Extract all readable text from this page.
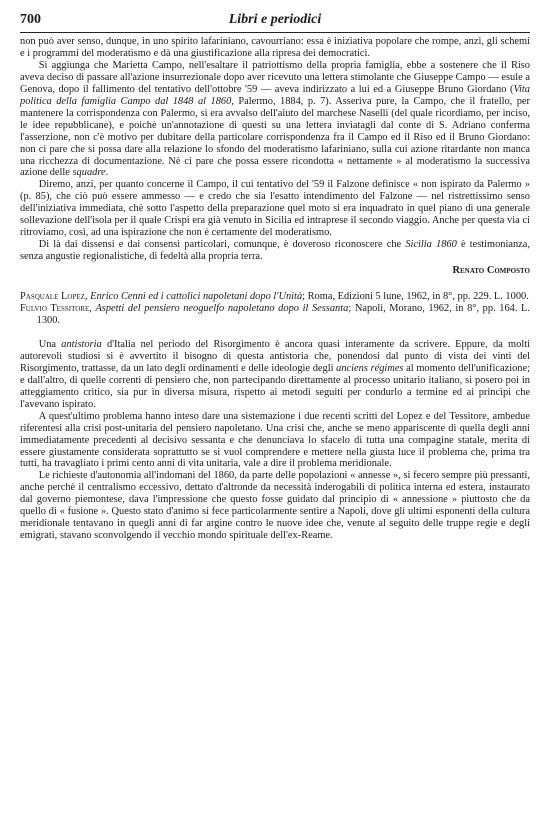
700	Libri e periodici

non può aver senso, dunque, in uno spirito lafariniano, cavourriano: essa è iniziativa popolare che rompe, anzi, gli schemi e i programmi del moderatismo e dà una giustificazione alla ripresa dei democratici.

Si aggiunga che Marietta Campo, nell'esaltare il patriottismo della propria famiglia, ebbe a sostenere che il Riso aveva deciso di passare all'azione insurrezionale dopo aver ricevuto una lettera stimolante che Giuseppe Campo — esule a Genova, dopo il fallimento del tentativo dell'ottobre '59 — aveva indirizzato a lui ed a Giuseppe Bruno Giordano (Vita politica della famiglia Campo dal 1848 al 1860, Palermo, 1884, p. 7). Asseriva pure, la Campo, che il fratello, per mantenere la corrispondenza con Palermo, si era avvalso dell'aiuto del marchese Naselli (del quale ricordiamo, per inciso, le idee repubblicane), e poichè un'annotazione di questi su una lettera inviatagli dal conte di S. Adriano conferma l'asserzione, non c'è motivo per dubitare della particolare corrispondenza fra il Campo ed il Riso ed il Bruno Giordano: non ci pare che si possa dare alla relazione lo sfondo del moderatismo lafariniano, sulla cui azione ritardante non manca una ricchezza di documentazione. Nè ci pare che possa essere ricondotta « nettamente » al moderatismo la successiva azione delle squadre.

Diremo, anzi, per quanto concerne il Campo, il cui tentativo del '59 il Falzone definisce « non ispirato da Palermo » (p. 85), che ciò può essere ammesso — e credo che sia l'esatto intendimento del Falzone — nel ristrettissimo senso dell'iniziativa immediata, chè sotto l'aspetto della preparazione quel moto si era inquadrato in quel piano di una generale sollevazione dell'isola per il quale Crispi era già venuto in Sicilia ed intraprese il secondo viaggio. Anche per questa via ci ritroviamo, così, ad una ispirazione che non è certamente del moderatismo.

Di là dai dissensi e dai consensi particolari, comunque, è doveroso riconoscere che Sicilia 1860 è testimonianza, senza angustie regionalistiche, di fedeltà alla propria terra.

Renato Composto

Pasquale Lopez, Enrico Cenni ed i cattolici napoletani dopo l'Unità; Roma, Edizioni 5 lune, 1962, in 8°, pp. 229. L. 1000.

Fulvio Tessitore, Aspetti del pensiero neoguelfo napoletano dopo il Sessanta; Napoli, Morano, 1962, in 8°, pp. 164. L. 1300.

Una antistoria d'Italia nel periodo del Risorgimento è ancora quasi interamente da scrivere. Eppure, da molti autorevoli studiosi si è avvertito il bisogno di questa antistoria che, ponendosi dal punto di vista dei vinti del Risorgimento, trattasse, da un lato degli ordinamenti e delle ideologie degli anciens régimes al momento dell'unificazione; e dall'altro, di quelle correnti di pensiero che, non partecipando direttamente al processo unitario italiano, si posero poi in atteggiamento critico, sia pur in diversa misura, rispetto ai metodi seguiti per condurlo a termine ed ai princìpi che l'avevano ispirato.

A quest'ultimo problema hanno inteso dare una sistemazione i due recenti scritti del Lopez e del Tessitore, ambedue riferentesi alla crisi post-unitaria del pensiero napoletano. Una crisi che, anche se meno appariscente di quella degli anni immediatamente precedenti al decisivo sessanta e che denunciava lo sfacelo di tutta una compagine statale, merita di essere giustamente considerata soprattutto se si vuol comprendere e mettere nella giusta luce il problema che, prima tra tutti, ha travagliato i primi cento anni di vita unitaria, vale a dire il problema meridionale.

Le richieste d'autonomia all'indomani del 1860, da parte delle popolazioni « annesse », si fecero sempre più pressanti, anche perchè il centralismo eccessivo, dettato d'altronde da necessità inderogabili di politica interna ed estera, instaurato dal governo piemontese, dava l'impressione che questo fosse guidato dal principio di « annessione » piuttosto che da quello di « fusione ». Questo stato d'animo si fece particolarmente sentire a Napoli, dove gli ultimi esponenti della cultura meridionale tentavano in quegli anni di far argine contro le nuove idee che, venute al seguito delle truppe regie e degli emigrati, stavano sconvolgendo il vecchio mondo spirituale dell'ex-Reame.
